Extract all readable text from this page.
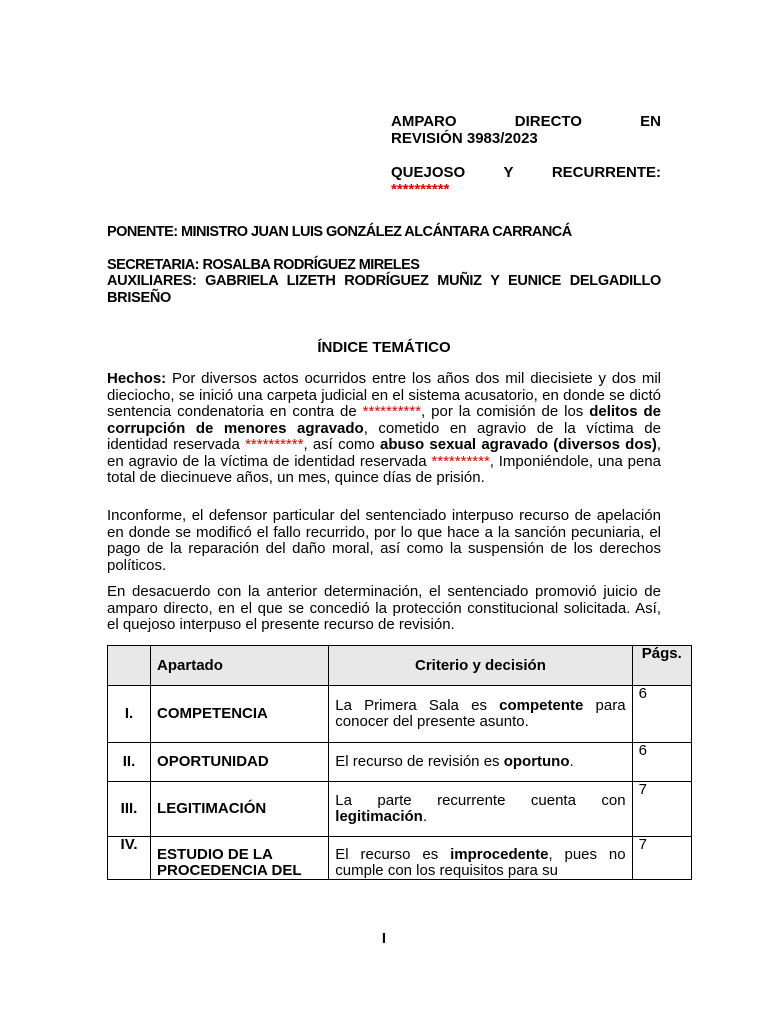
AMPARO	DIRECTO	EN
REVISIÓN 3983/2023
QUEJOSO	Y	RECURRENTE:
**********
PONENTE: MINISTRO JUAN LUIS GONZÁLEZ ALCÁNTARA CARRANCÁ
SECRETARIA: ROSALBA RODRÍGUEZ MIRELES
AUXILIARES: GABRIELA LIZETH RODRÍGUEZ MUÑIZ Y EUNICE DELGADILLO BRISEÑO
ÍNDICE TEMÁTICO
Hechos: Por diversos actos ocurridos entre los años dos mil diecisiete y dos mil dieciocho, se inició una carpeta judicial en el sistema acusatorio, en donde se dictó sentencia condenatoria en contra de **********, por la comisión de los delitos de corrupción de menores agravado, cometido en agravio de la víctima de identidad reservada **********, así como abuso sexual agravado (diversos dos), en agravio de la víctima de identidad reservada **********, Imponiéndole, una pena total de diecinueve años, un mes, quince días de prisión.
Inconforme, el defensor particular del sentenciado interpuso recurso de apelación en donde se modificó el fallo recurrido, por lo que hace a la sanción pecuniaria, el pago de la reparación del daño moral, así como la suspensión de los derechos políticos.
En desacuerdo con la anterior determinación, el sentenciado promovió juicio de amparo directo, en el que se concedió la protección constitucional solicitada. Así, el quejoso interpuso el presente recurso de revisión.
	Apartado	Criterio y decisión	Págs.
I.	COMPETENCIA	La Primera Sala es competente para conocer del presente asunto.	6
II.	OPORTUNIDAD	El recurso de revisión es oportuno.	6
III.	LEGITIMACIÓN	La parte recurrente cuenta con legitimación.	7
IV.	ESTUDIO DE LA PROCEDENCIA DEL	El recurso es improcedente, pues no cumple con los requisitos para su	7
I
